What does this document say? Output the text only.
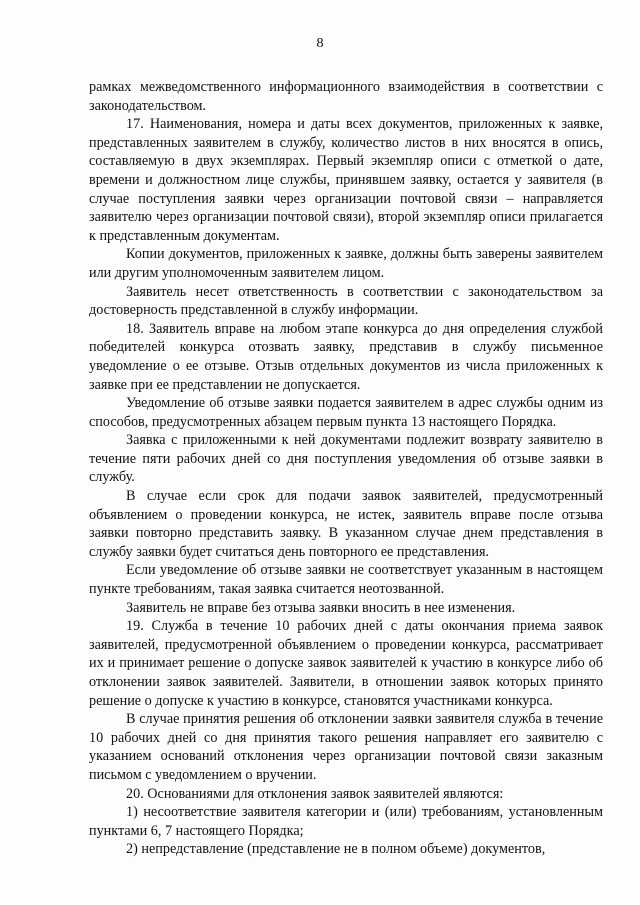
8

рамках межведомственного информационного взаимодействия в соответствии с законодательством.

17. Наименования, номера и даты всех документов, приложенных к заявке, представленных заявителем в службу, количество листов в них вносятся в опись, составляемую в двух экземплярах. Первый экземпляр описи с отметкой о дате, времени и должностном лице службы, принявшем заявку, остается у заявителя (в случае поступления заявки через организации почтовой связи – направляется заявителю через организации почтовой связи), второй экземпляр описи прилагается к представленным документам.

Копии документов, приложенных к заявке, должны быть заверены заявителем или другим уполномоченным заявителем лицом.

Заявитель несет ответственность в соответствии с законодательством за достоверность представленной в службу информации.

18. Заявитель вправе на любом этапе конкурса до дня определения службой победителей конкурса отозвать заявку, представив в службу письменное уведомление о ее отзыве. Отзыв отдельных документов из числа приложенных к заявке при ее представлении не допускается.

Уведомление об отзыве заявки подается заявителем в адрес службы одним из способов, предусмотренных абзацем первым пункта 13 настоящего Порядка.

Заявка с приложенными к ней документами подлежит возврату заявителю в течение пяти рабочих дней со дня поступления уведомления об отзыве заявки в службу.

В случае если срок для подачи заявок заявителей, предусмотренный объявлением о проведении конкурса, не истек, заявитель вправе после отзыва заявки повторно представить заявку. В указанном случае днем представления в службу заявки будет считаться день повторного ее представления.

Если уведомление об отзыве заявки не соответствует указанным в настоящем пункте требованиям, такая заявка считается неотозванной.

Заявитель не вправе без отзыва заявки вносить в нее изменения.

19. Служба в течение 10 рабочих дней с даты окончания приема заявок заявителей, предусмотренной объявлением о проведении конкурса, рассматривает их и принимает решение о допуске заявок заявителей к участию в конкурсе либо об отклонении заявок заявителей. Заявители, в отношении заявок которых принято решение о допуске к участию в конкурсе, становятся участниками конкурса.

В случае принятия решения об отклонении заявки заявителя служба в течение 10 рабочих дней со дня принятия такого решения направляет его заявителю с указанием оснований отклонения через организации почтовой связи заказным письмом с уведомлением о вручении.

20. Основаниями для отклонения заявок заявителей являются:

1) несоответствие заявителя категории и (или) требованиям, установленным пунктами 6, 7 настоящего Порядка;

2) непредставление (представление не в полном объеме) документов,
